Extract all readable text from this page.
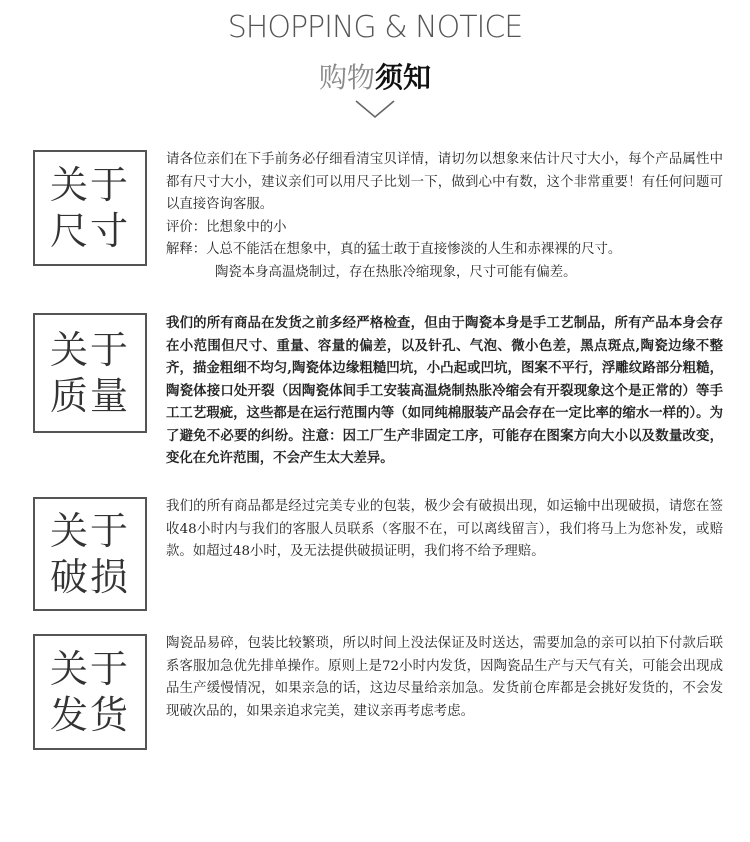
SHOPPING & NOTICE
购物须知
关于
尺寸

请各位亲们在下手前务必仔细看清宝贝详情，请切勿以想象来估计尺寸大小，每个产品属性中都有尺寸大小，建议亲们可以用尺子比划一下，做到心中有数，这个非常重要！有任何问题可以直接咨询客服。

评价：比想象中的小

解释：人总不能活在想象中，真的猛士敢于直接惨淡的人生和赤裸裸的尺寸。

陶瓷本身高温烧制过，存在热胀冷缩现象，尺寸可能有偏差。

关于
质量

我们的所有商品在发货之前多经严格检查，但由于陶瓷本身是手工艺制品，所有产品本身会存在小范围但尺寸、重量、容量的偏差，以及针孔、气泡、微小色差，黑点斑点,陶瓷边缘不整齐，描金粗细不均匀,陶瓷体边缘粗糙凹坑，小凸起或凹坑，图案不平行，浮雕纹路部分粗糙，陶瓷体接口处开裂（因陶瓷体间手工安装高温烧制热胀冷缩会有开裂现象这个是正常的）等手工工艺瑕疵，这些都是在运行范围内等（如同纯棉服装产品会存在一定比率的缩水一样的）。为了避免不必要的纠纷。注意：因工厂生产非固定工序，可能存在图案方向大小以及数量改变，变化在允许范围，不会产生太大差异。

关于
破损

我们的所有商品都是经过完美专业的包装，极少会有破损出现，如运输中出现破损，请您在签收48小时内与我们的客服人员联系（客服不在，可以离线留言），我们将马上为您补发，或赔款。如超过48小时，及无法提供破损证明，我们将不给予理赔。

关于
发货

陶瓷品易碎，包装比较繁琐，所以时间上没法保证及时送达，需要加急的亲可以拍下付款后联系客服加急优先排单操作。原则上是72小时内发货，因陶瓷品生产与天气有关，可能会出现成品生产缓慢情况，如果亲急的话，这边尽量给亲加急。发货前仓库都是会挑好发货的，不会发现破次品的，如果亲追求完美，建议亲再考虑考虑。
